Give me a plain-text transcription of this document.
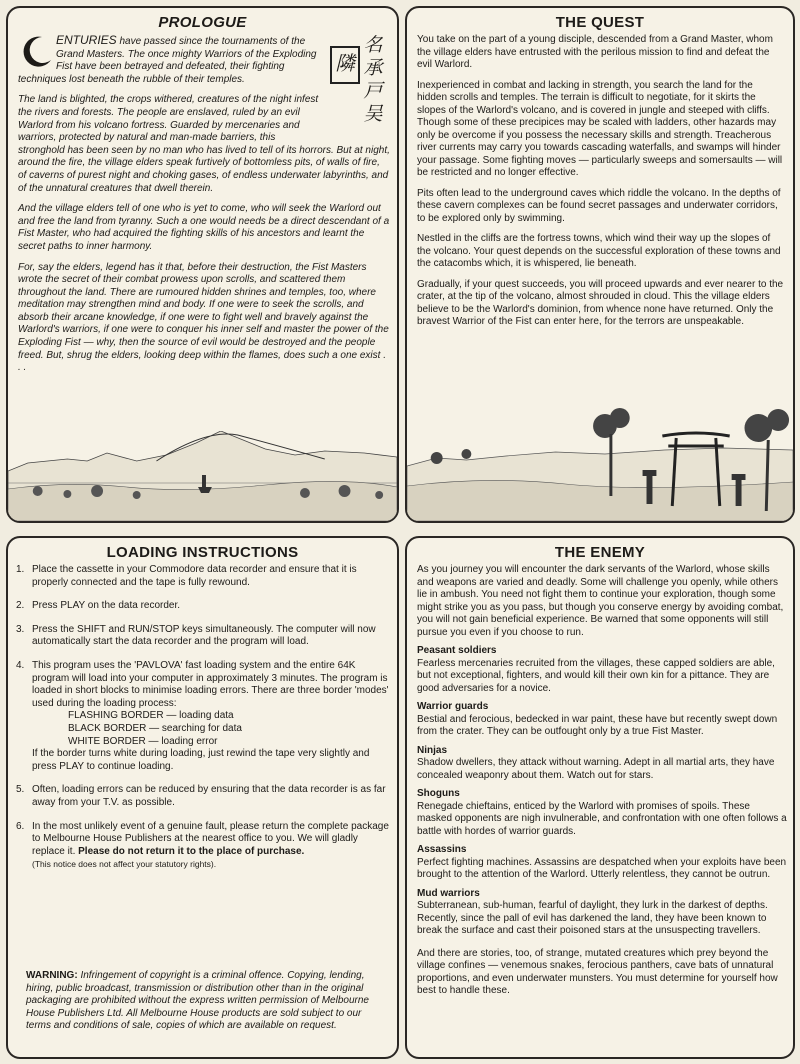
PROLOGUE
隣
名
承
戸
吴

ENTURIES have passed since the tournaments of the Grand Masters. The once mighty Warriors of the Exploding Fist have been betrayed and defeated, their fighting techniques lost beneath the rubble of their temples.

The land is blighted, the crops withered, creatures of the night infest the rivers and forests. The people are enslaved, ruled by an evil Warlord from his volcano fortress. Guarded by mercenaries and warriors, protected by natural and man-made barriers, this stronghold has been seen by no man who has lived to tell of its horrors. But at night, around the fire, the village elders speak furtively of bottomless pits, of walls of fire, of caverns of purest night and choking gases, of endless underwater labyrinths, and of the unnatural creatures that dwell therein.

And the village elders tell of one who is yet to come, who will seek the Warlord out and free the land from tyranny. Such a one would needs be a direct descendant of a Fist Master, who had acquired the fighting skills of his ancestors and learnt the secret paths to inner harmony.

For, say the elders, legend has it that, before their destruction, the Fist Masters wrote the secret of their combat prowess upon scrolls, and scattered them throughout the land. There are rumoured hidden shrines and temples, too, where meditation may strengthen mind and body. If one were to seek the scrolls, and absorb their arcane knowledge, if one were to fight well and bravely against the Warlord's warriors, if one were to conquer his inner self and master the power of the Exploding Fist — why, then the source of evil would be destroyed and the people freed. But, shrug the elders, looking deep within the flames, does such a one exist . . .

THE QUEST

You take on the part of a young disciple, descended from a Grand Master, whom the village elders have entrusted with the perilous mission to find and defeat the evil Warlord.

Inexperienced in combat and lacking in strength, you search the land for the hidden scrolls and temples. The terrain is difficult to negotiate, for it skirts the slopes of the Warlord's volcano, and is covered in jungle and steeped with cliffs. Though some of these precipices may be scaled with ladders, other hazards may only be overcome if you possess the necessary skills and strength. Treacherous river currents may carry you towards cascading waterfalls, and swamps will hinder your passage. Some fighting moves — particularly sweeps and somersaults — will be restricted and no longer effective.

Pits often lead to the underground caves which riddle the volcano. In the depths of these cavern complexes can be found secret passages and underwater corridors, to be explored only by swimming.

Nestled in the cliffs are the fortress towns, which wind their way up the slopes of the volcano. Your quest depends on the successful exploration of these towns and the catacombs which, it is whispered, lie beneath.

Gradually, if your quest succeeds, you will proceed upwards and ever nearer to the crater, at the tip of the volcano, almost shrouded in cloud. This the village elders believe to be the Warlord's dominion, from whence none have returned. Only the bravest Warrior of the Fist can enter here, for the terrors are unspeakable.

LOADING INSTRUCTIONS
1. Place the cassette in your Commodore data recorder and ensure that it is properly connected and the tape is fully rewound.
2. Press PLAY on the data recorder.
3. Press the SHIFT and RUN/STOP keys simultaneously. The computer will now automatically start the data recorder and the program will load.
4. This program uses the 'PAVLOVA' fast loading system and the entire 64K program will load into your computer in approximately 3 minutes. The program is loaded in short blocks to minimise loading errors. There are three border 'modes' used during the loading process:
FLASHING BORDER — loading data
BLACK BORDER — searching for data
WHITE BORDER — loading error
If the border turns white during loading, just rewind the tape very slightly and press PLAY to continue loading.
5. Often, loading errors can be reduced by ensuring that the data recorder is as far away from your T.V. as possible.
6. In the most unlikely event of a genuine fault, please return the complete package to Melbourne House Publishers at the nearest office to you. We will gladly replace it. Please do not return it to the place of purchase.
(This notice does not affect your statutory rights).
WARNING: Infringement of copyright is a criminal offence. Copying, lending, hiring, public broadcast, transmission or distribution other than in the original packaging are prohibited without the express written permission of Melbourne House Publishers Ltd. All Melbourne House products are sold subject to our terms and conditions of sale, copies of which are available on request.
THE ENEMY

As you journey you will encounter the dark servants of the Warlord, whose skills and weapons are varied and deadly. Some will challenge you openly, while others lie in ambush. You need not fight them to continue your exploration, though some might strike you as you pass, but though you conserve energy by avoiding combat, you will not gain beneficial experience. Be warned that some opponents will still pursue you even if you choose to run.

Peasant soldiers

Fearless mercenaries recruited from the villages, these capped soldiers are able, but not exceptional, fighters, and would kill their own kin for a pittance. They are good adversaries for a novice.

Warrior guards

Bestial and ferocious, bedecked in war paint, these have but recently swept down from the crater. They can be outfought only by a true Fist Master.

Ninjas

Shadow dwellers, they attack without warning. Adept in all martial arts, they have concealed weaponry about them. Watch out for stars.

Shoguns

Renegade chieftains, enticed by the Warlord with promises of spoils. These masked opponents are nigh invulnerable, and confrontation with one often follows a battle with hordes of warrior guards.

Assassins

Perfect fighting machines. Assassins are despatched when your exploits have been brought to the attention of the Warlord. Utterly relentless, they cannot be outrun.

Mud warriors

Subterranean, sub-human, fearful of daylight, they lurk in the darkest of depths. Recently, since the pall of evil has darkened the land, they have been known to break the surface and cast their poisoned stars at the unsuspecting travellers.

And there are stories, too, of strange, mutated creatures which prey beyond the village confines — venemous snakes, ferocious panthers, cave bats of unnatural proportions, and even underwater munsters. You must determine for yourself how best to handle these.
